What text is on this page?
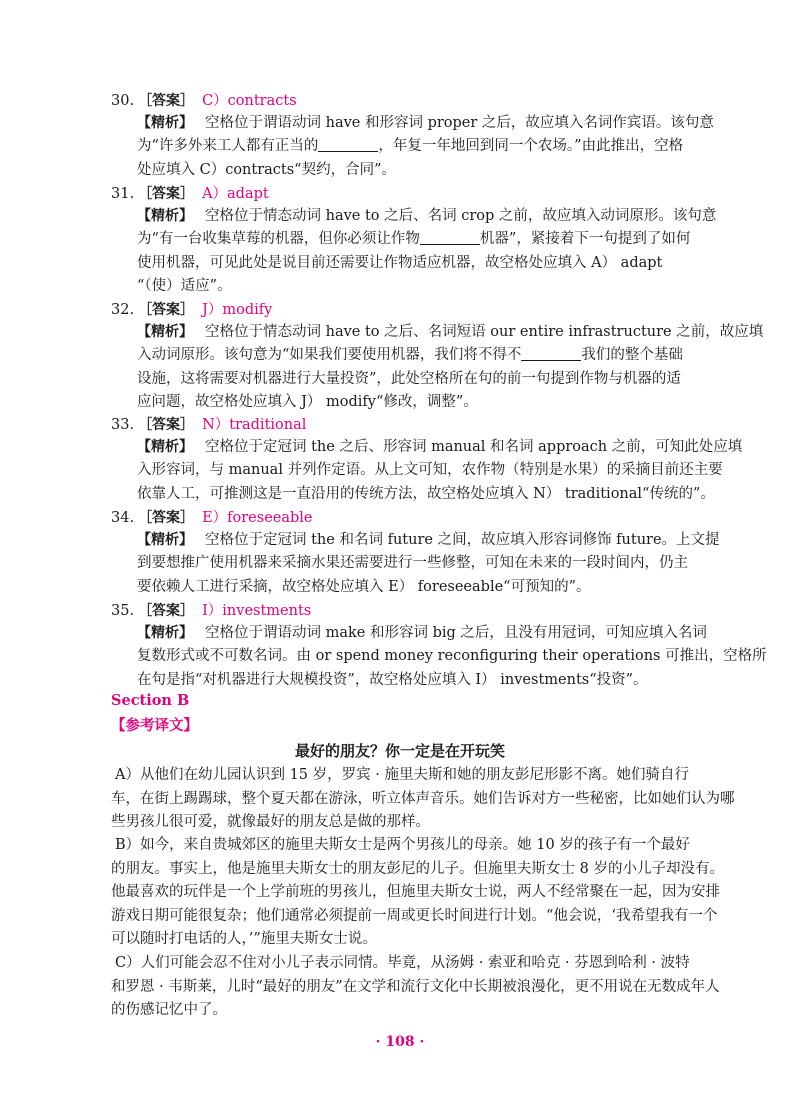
30. ［答案］ C）contracts
【精析】 空格位于谓语动词 have 和形容词 proper 之后，故应填入名词作宾语。该句意
为“许多外来工人都有正当的	，年复一年地回到同一个农场。”由此推出，空格
处应填入 C）contracts“契约，合同”。
31. ［答案］ A）adapt
【精析】 空格位于情态动词 have to 之后、名词 crop 之前，故应填入动词原形。该句意
为“有一台收集草莓的机器，但你必须让作物	机器”，紧接着下一句提到了如何
使用机器，可见此处是说目前还需要让作物适应机器，故空格处应填入 A） adapt
“（使）适应”。
32. ［答案］ J）modify
【精析】 空格位于情态动词 have to 之后、名词短语 our entire infrastructure 之前，故应填
入动词原形。该句意为“如果我们要使用机器，我们将不得不	我们的整个基础
设施，这将需要对机器进行大量投资”，此处空格所在句的前一句提到作物与机器的适
应问题，故空格处应填入 J） modify“修改，调整”。
33. ［答案］ N）traditional
【精析】 空格位于定冠词 the 之后、形容词 manual 和名词 approach 之前，可知此处应填
入形容词，与 manual 并列作定语。从上文可知，农作物（特别是水果）的采摘目前还主要
依靠人工，可推测这是一直沿用的传统方法，故空格处应填入 N） traditional“传统的”。
34. ［答案］ E）foreseeable
【精析】 空格位于定冠词 the 和名词 future 之间，故应填入形容词修饰 future。上文提
到要想推广使用机器来采摘水果还需要进行一些修整，可知在未来的一段时间内，仍主
要依赖人工进行采摘，故空格处应填入 E） foreseeable“可预知的”。
35. ［答案］ I）investments
【精析】 空格位于谓语动词 make 和形容词 big 之后，且没有用冠词，可知应填入名词
复数形式或不可数名词。由 or spend money reconfiguring their operations 可推出，空格所
在句是指“对机器进行大规模投资”，故空格处应填入 I） investments“投资”。
Section B
【参考译文】
最好的朋友？你一定是在开玩笑
A）从他们在幼儿园认识到 15 岁，罗宾 · 施里夫斯和她的朋友彭尼形影不离。她们骑自行
车，在街上踢踢球，整个夏天都在游泳，听立体声音乐。她们告诉对方一些秘密，比如她们认为哪
些男孩儿很可爱，就像最好的朋友总是做的那样。
B）如今，来自贵城郊区的施里夫斯女士是两个男孩儿的母亲。她 10 岁的孩子有一个最好
的朋友。事实上，他是施里夫斯女士的朋友彭尼的儿子。但施里夫斯女士 8 岁的小儿子却没有。
他最喜欢的玩伴是一个上学前班的男孩儿，但施里夫斯女士说，两人不经常聚在一起，因为安排
游戏日期可能很复杂；他们通常必须提前一周或更长时间进行计划。“他会说，‘我希望我有一个
可以随时打电话的人，’”施里夫斯女士说。
C）人们可能会忍不住对小儿子表示同情。毕竟，从汤姆 · 索亚和哈克 · 芬恩到哈利 · 波特
和罗恩 · 韦斯莱，儿时“最好的朋友”在文学和流行文化中长期被浪漫化，更不用说在无数成年人
的伤感记忆中了。
· 108 ·
